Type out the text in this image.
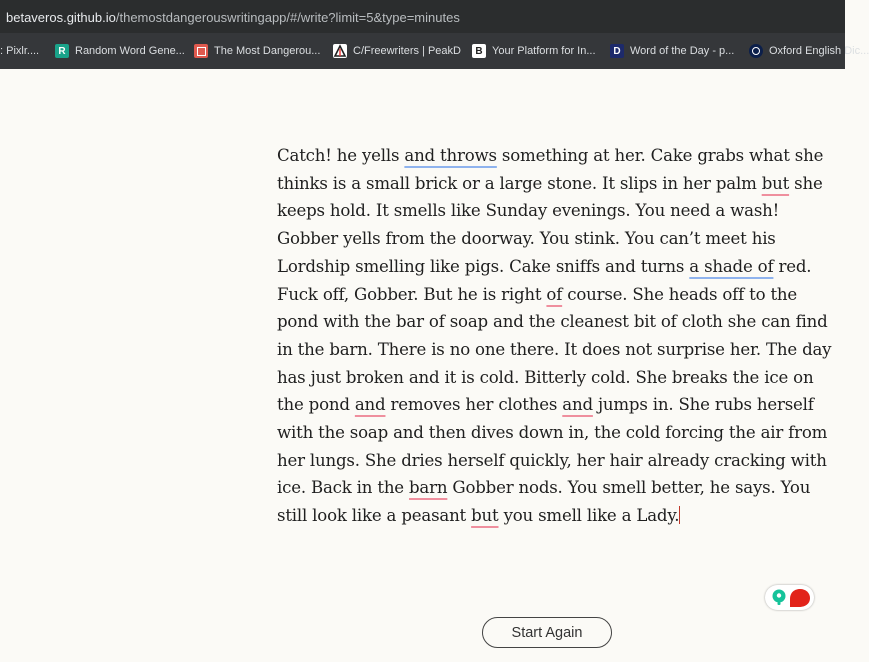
betaveros.github.io/themostdangerouswritingapp/#/write?limit=5&type=minutes
: Pixlr....	R Random Word Gene...	The Most Dangerou...	C/Freewriters | PeakD	B Your Platform for In...	D Word of the Day - p...	Oxford English Dic...

Catch! he yells and throws something at her. Cake grabs what she

thinks is a small brick or a large stone. It slips in her palm but she

keeps hold. It smells like Sunday evenings. You need a wash!

Gobber yells from the doorway. You stink. You can’t meet his

Lordship smelling like pigs. Cake sniffs and turns a shade of red.

Fuck off, Gobber. But he is right of course. She heads off to the

pond with the bar of soap and the cleanest bit of cloth she can find

in the barn. There is no one there. It does not surprise her. The day

has just broken and it is cold. Bitterly cold. She breaks the ice on

the pond and removes her clothes and jumps in. She rubs herself

with the soap and then dives down in, the cold forcing the air from

her lungs. She dries herself quickly, her hair already cracking with

ice. Back in the barn Gobber nods. You smell better, he says. You

still look like a peasant but you smell like a Lady.

Start Again
